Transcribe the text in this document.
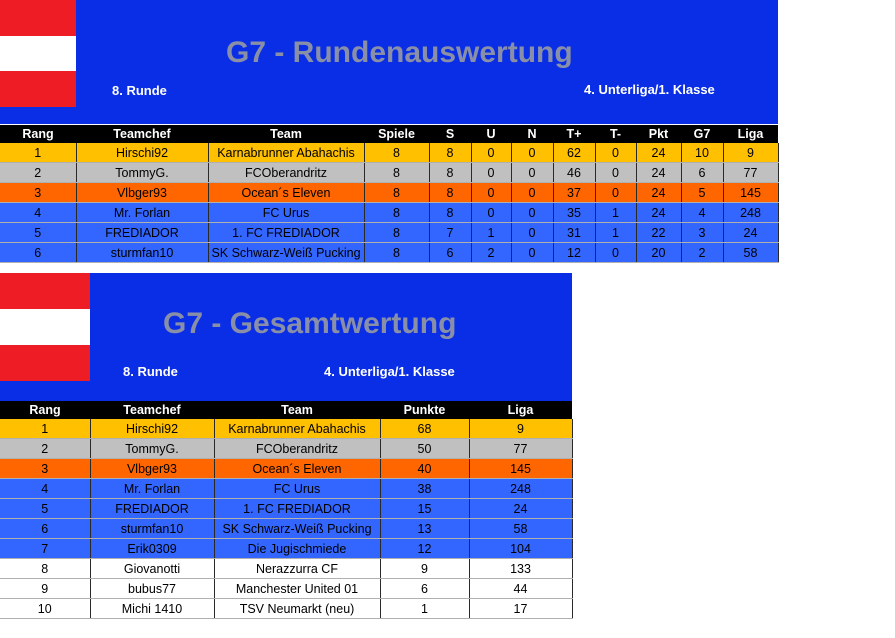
G7 - Rundenauswertung
8. Runde	4. Unterliga/1. Klasse
Rang	Teamchef	Team	Spiele	S	U	N	T+	T-	Pkt	G7	Liga
1	Hirschi92	Karnabrunner Abahachis	8	8	0	0	62	0	24	10	9
2	TommyG.	FCOberandritz	8	8	0	0	46	0	24	6	77
3	Vlbger93	Ocean´s Eleven	8	8	0	0	37	0	24	5	145
4	Mr. Forlan	FC Urus	8	8	0	0	35	1	24	4	248
5	FREDIADOR	1. FC FREDIADOR	8	7	1	0	31	1	22	3	24
6	sturmfan10	SK Schwarz-Weiß Pucking	8	6	2	0	12	0	20	2	58
G7 - Gesamtwertung
8. Runde	4. Unterliga/1. Klasse
Rang	Teamchef	Team	Punkte	Liga
1	Hirschi92	Karnabrunner Abahachis	68	9
2	TommyG.	FCOberandritz	50	77
3	Vlbger93	Ocean´s Eleven	40	145
4	Mr. Forlan	FC Urus	38	248
5	FREDIADOR	1. FC FREDIADOR	15	24
6	sturmfan10	SK Schwarz-Weiß Pucking	13	58
7	Erik0309	Die Jugischmiede	12	104
8	Giovanotti	Nerazzurra CF	9	133
9	bubus77	Manchester United 01	6	44
10	Michi 1410	TSV Neumarkt (neu)	1	17
